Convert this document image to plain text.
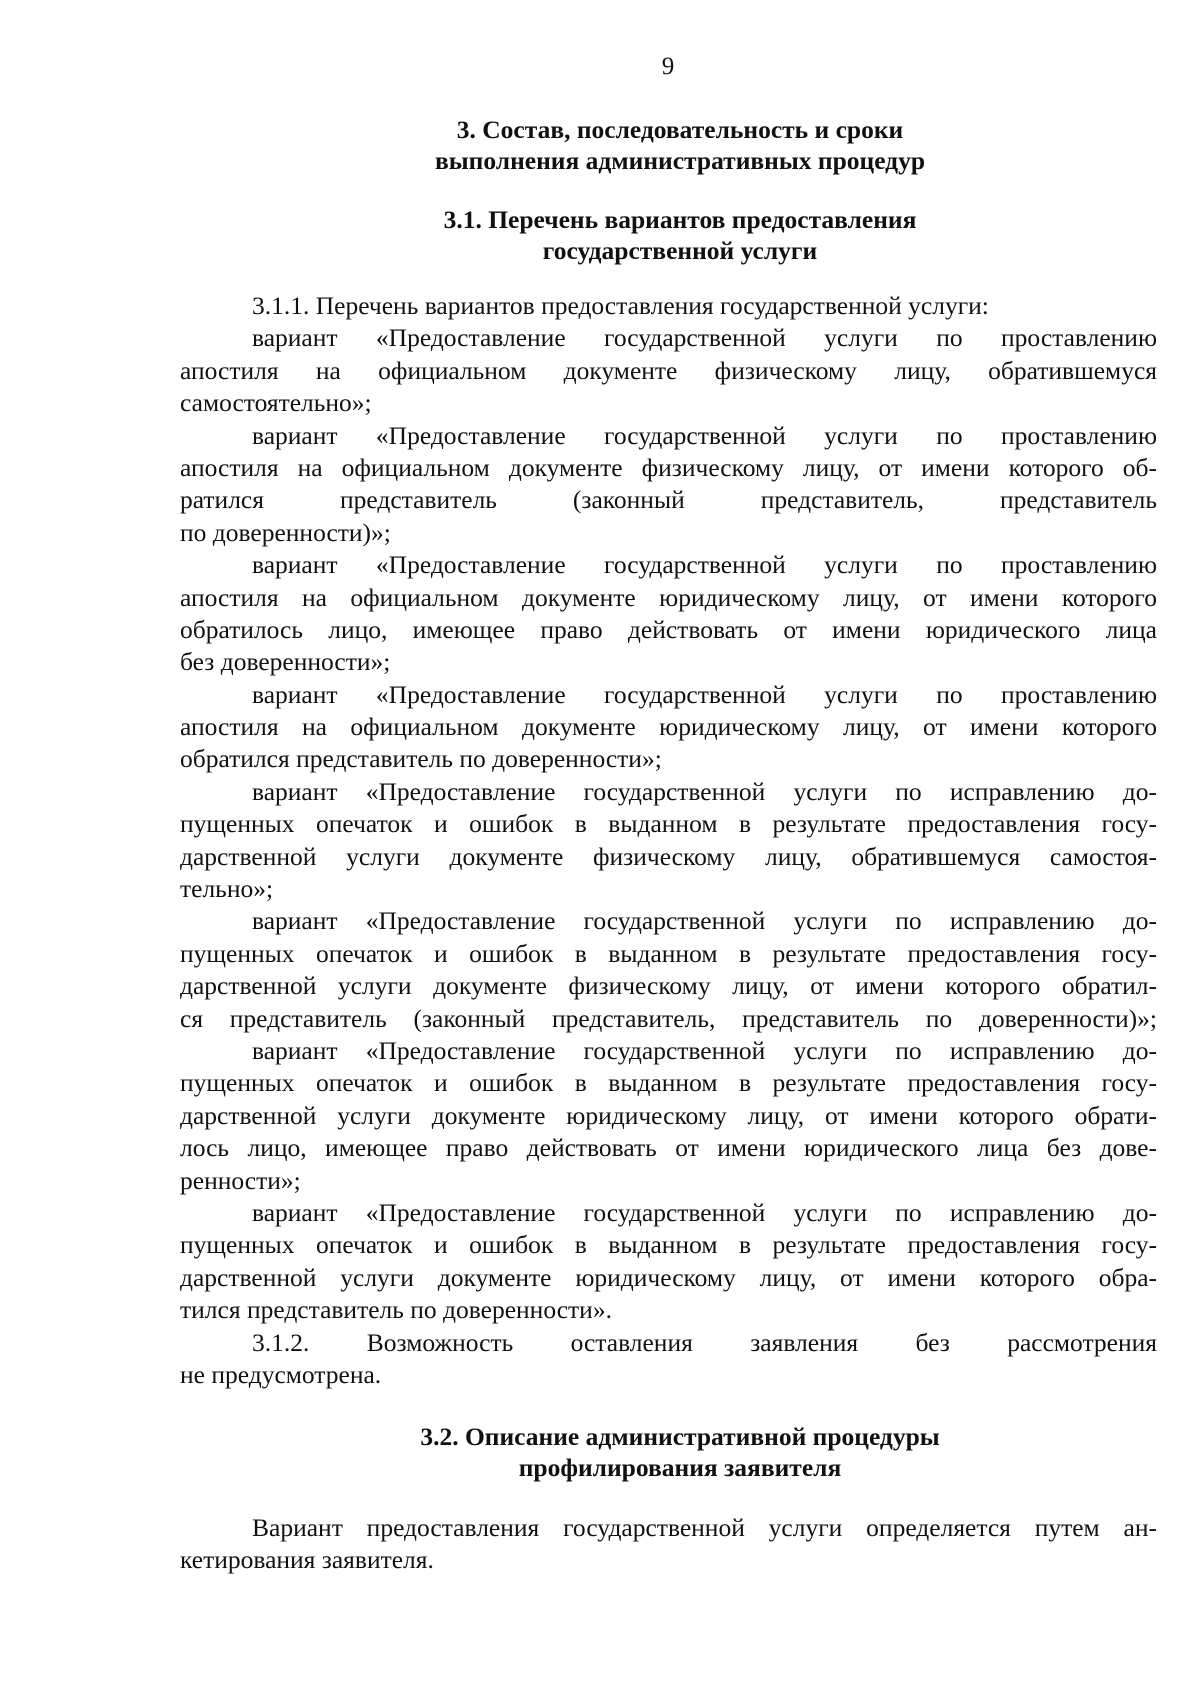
9
3. Состав, последовательность и сроки
выполнения административных процедур
3.1. Перечень вариантов предоставления
государственной услуги
3.1.1. Перечень вариантов предоставления государственной услуги:
вариант «Предоставление государственной услуги по проставлению
апостиля на официальном документе физическому лицу, обратившемуся
самостоятельно»;
вариант «Предоставление государственной услуги по проставлению
апостиля на официальном документе физическому лицу, от имени которого об-
ратился представитель (законный представитель, представитель
по доверенности)»;
вариант «Предоставление государственной услуги по проставлению
апостиля на официальном документе юридическому лицу, от имени которого
обратилось лицо, имеющее право действовать от имени юридического лица
без доверенности»;
вариант «Предоставление государственной услуги по проставлению
апостиля на официальном документе юридическому лицу, от имени которого
обратился представитель по доверенности»;
вариант «Предоставление государственной услуги по исправлению до-
пущенных опечаток и ошибок в выданном в результате предоставления госу-
дарственной услуги документе физическому лицу, обратившемуся самостоя-
тельно»;
вариант «Предоставление государственной услуги по исправлению до-
пущенных опечаток и ошибок в выданном в результате предоставления госу-
дарственной услуги документе физическому лицу, от имени которого обратил-
ся представитель (законный представитель, представитель по доверенности)»;
вариант «Предоставление государственной услуги по исправлению до-
пущенных опечаток и ошибок в выданном в результате предоставления госу-
дарственной услуги документе юридическому лицу, от имени которого обрати-
лось лицо, имеющее право действовать от имени юридического лица без дове-
ренности»;
вариант «Предоставление государственной услуги по исправлению до-
пущенных опечаток и ошибок в выданном в результате предоставления госу-
дарственной услуги документе юридическому лицу, от имени которого обра-
тился представитель по доверенности».
3.1.2. Возможность оставления заявления без рассмотрения
не предусмотрена.
3.2. Описание административной процедуры
профилирования заявителя
Вариант предоставления государственной услуги определяется путем ан-
кетирования заявителя.
